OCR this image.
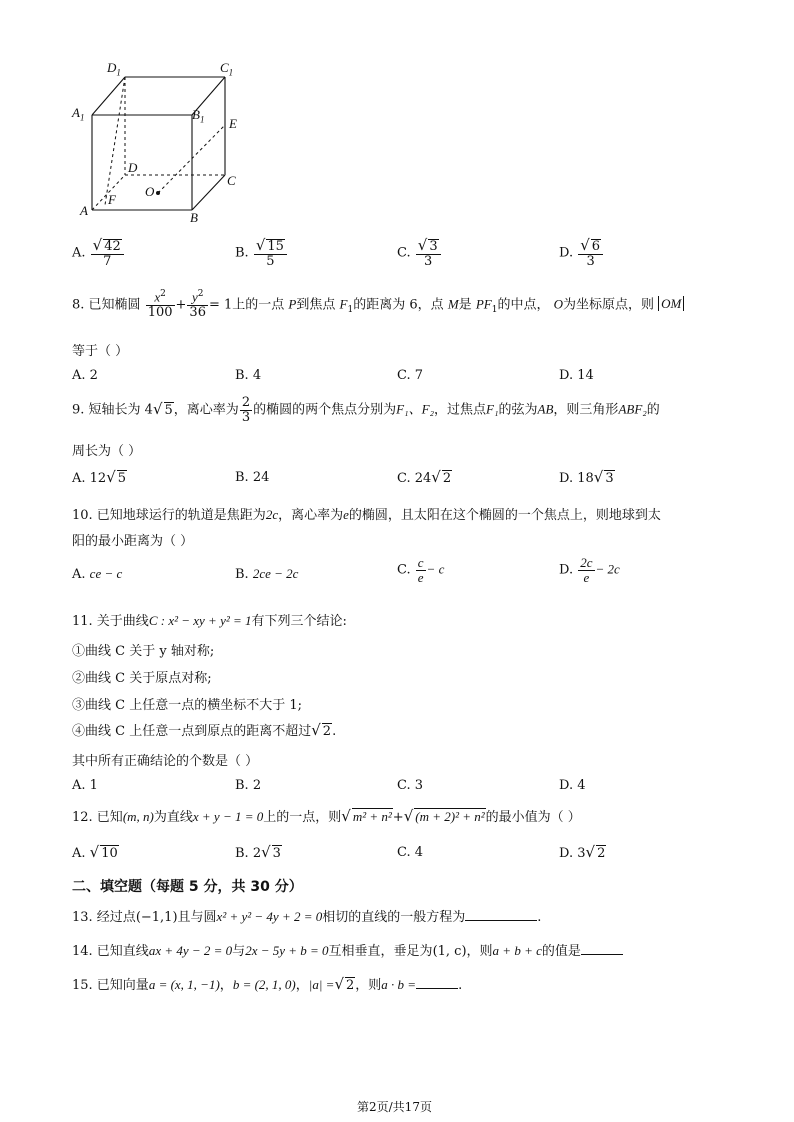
$D_1$	$C_1$
$A_1$	$B_1$ E
D
C
O
A
F
B
A. $\frac{√ 42}{7}$	B. $\frac{√ 15}{5}$	C. $\frac{√ 3}{3}$	D. $\frac{√ 6}{3}$
8. 已知椭圆 $\frac{x^2}{100} + \frac{y^2}{36} = 1$上的一点 P到焦点 $F_1$的距离为 6，点 M是 $PF_1$的中点， O为坐标原点，则 OM
等于（ ）
A. 2	B. 4	C. 7	D. 14
9. 短轴长为 4√ 5，离心率为 $\frac{2}{3}$ 的椭圆的两个焦点分别为F₁、F₂，过焦点F₁的弦为AB，则三角形ABF₂的
周长为（ ）
A. 12√ 5	B. 24	C. 24√ 2	D. 18√ 3
10. 已知地球运行的轨道是焦距为2c，离心率为e的椭圆，且太阳在这个椭圆的一个焦点上，则地球到太
阳的最小距离为（ ）
A. ce − c	B. 2ce − 2c	C. $\frac{c}{e} - c$	D. $\frac{2c}{e} - 2c$
11. 关于曲线C : x² − xy + y² = 1有下列三个结论:
①曲线 C 关于 y 轴对称;
②曲线 C 关于原点对称;
③曲线 C 上任意一点的横坐标不大于 1;
④曲线 C 上任意一点到原点的距离不超过√ 2.
其中所有正确结论的个数是（ ）
A. 1	B. 2	C. 3	D. 4
12. 已知(m, n)为直线x + y − 1 = 0上的一点，则√ m² + n²+√ (m + 2)² + n²的最小值为（ ）
A. √ 10	B. 2√ 3	C. 4	D. 3√ 2
二、填空题（每题 5 分，共 30 分）
13. 经过点(−1,1)且与圆x² + y² − 4y + 2 = 0相切的直线的一般方程为	.
14. 已知直线ax + 4y − 2 = 0与2x − 5y + b = 0互相垂直，垂足为(1, c)，则a + b + c的值是
15. 已知向量a = (x, 1, −1)，b = (2, 1, 0)，|a| =√ 2，则a · b =	.
第2页/共17页
